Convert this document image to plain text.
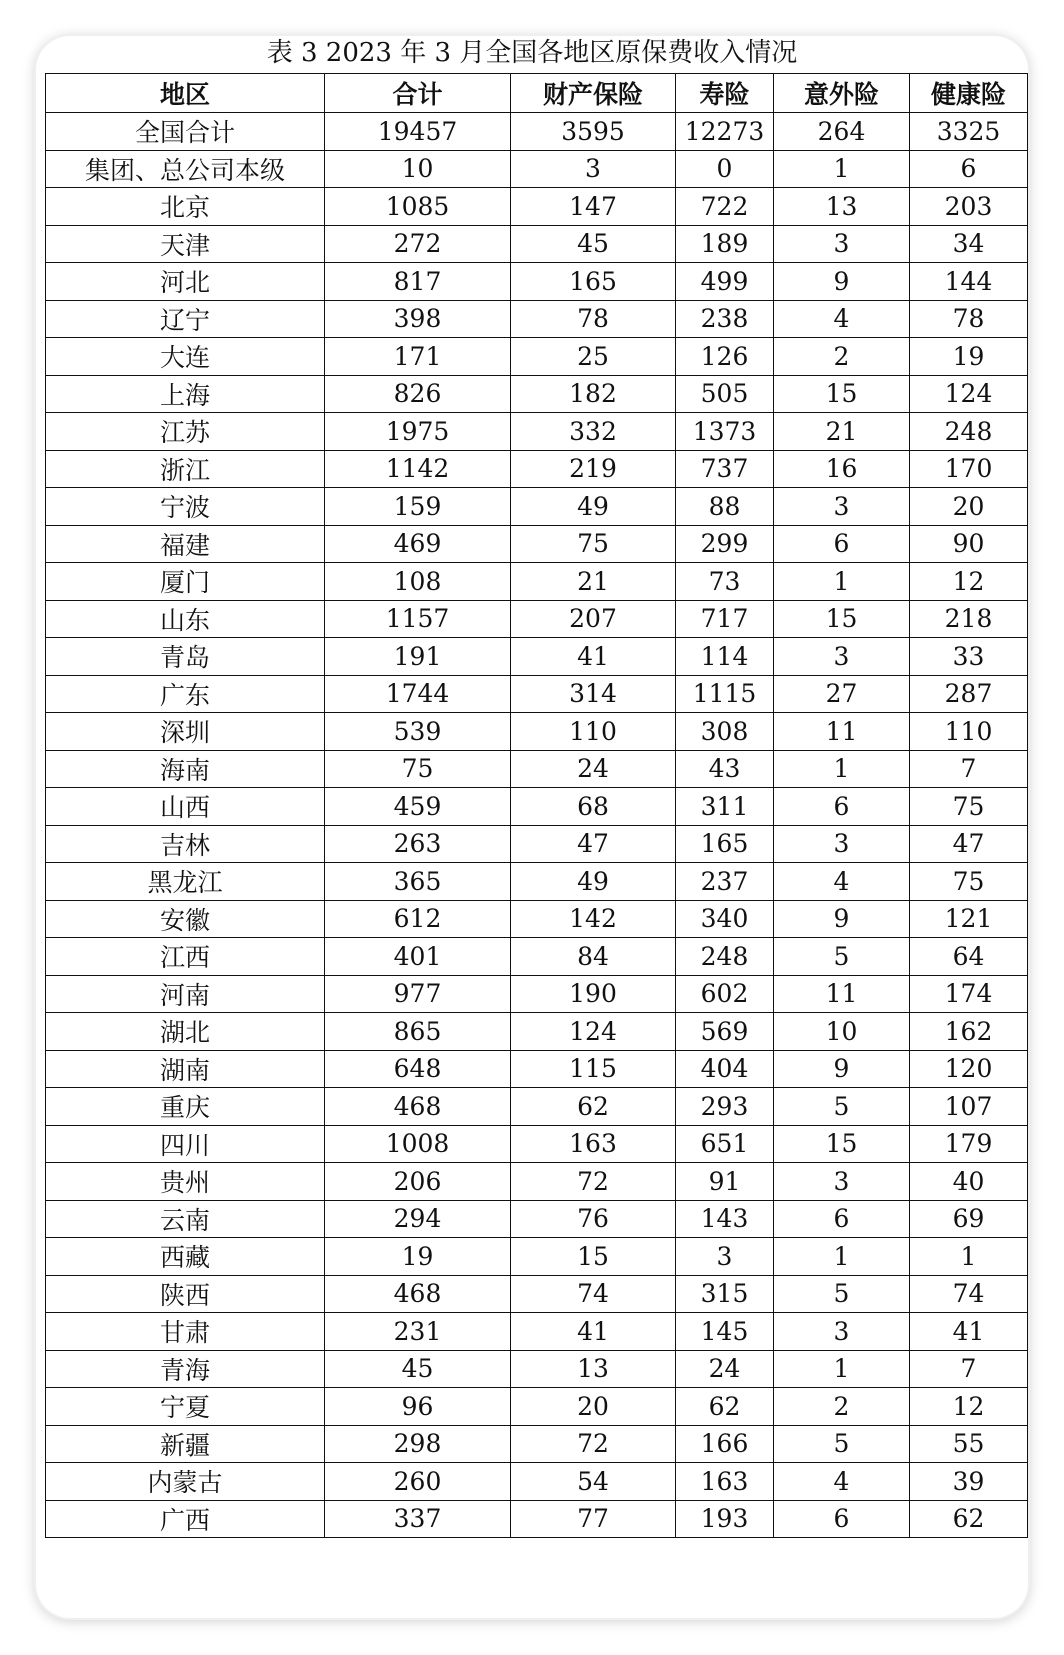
表 3 2023 年 3 月全国各地区原保费收入情况
地区	合计	财产保险	寿险	意外险	健康险
全国合计	19457	3595	12273	264	3325
集团、总公司本级	10	3	0	1	6
北京	1085	147	722	13	203
天津	272	45	189	3	34
河北	817	165	499	9	144
辽宁	398	78	238	4	78
大连	171	25	126	2	19
上海	826	182	505	15	124
江苏	1975	332	1373	21	248
浙江	1142	219	737	16	170
宁波	159	49	88	3	20
福建	469	75	299	6	90
厦门	108	21	73	1	12
山东	1157	207	717	15	218
青岛	191	41	114	3	33
广东	1744	314	1115	27	287
深圳	539	110	308	11	110
海南	75	24	43	1	7
山西	459	68	311	6	75
吉林	263	47	165	3	47
黑龙江	365	49	237	4	75
安徽	612	142	340	9	121
江西	401	84	248	5	64
河南	977	190	602	11	174
湖北	865	124	569	10	162
湖南	648	115	404	9	120
重庆	468	62	293	5	107
四川	1008	163	651	15	179
贵州	206	72	91	3	40
云南	294	76	143	6	69
西藏	19	15	3	1	1
陕西	468	74	315	5	74
甘肃	231	41	145	3	41
青海	45	13	24	1	7
宁夏	96	20	62	2	12
新疆	298	72	166	5	55
内蒙古	260	54	163	4	39
广西	337	77	193	6	62
